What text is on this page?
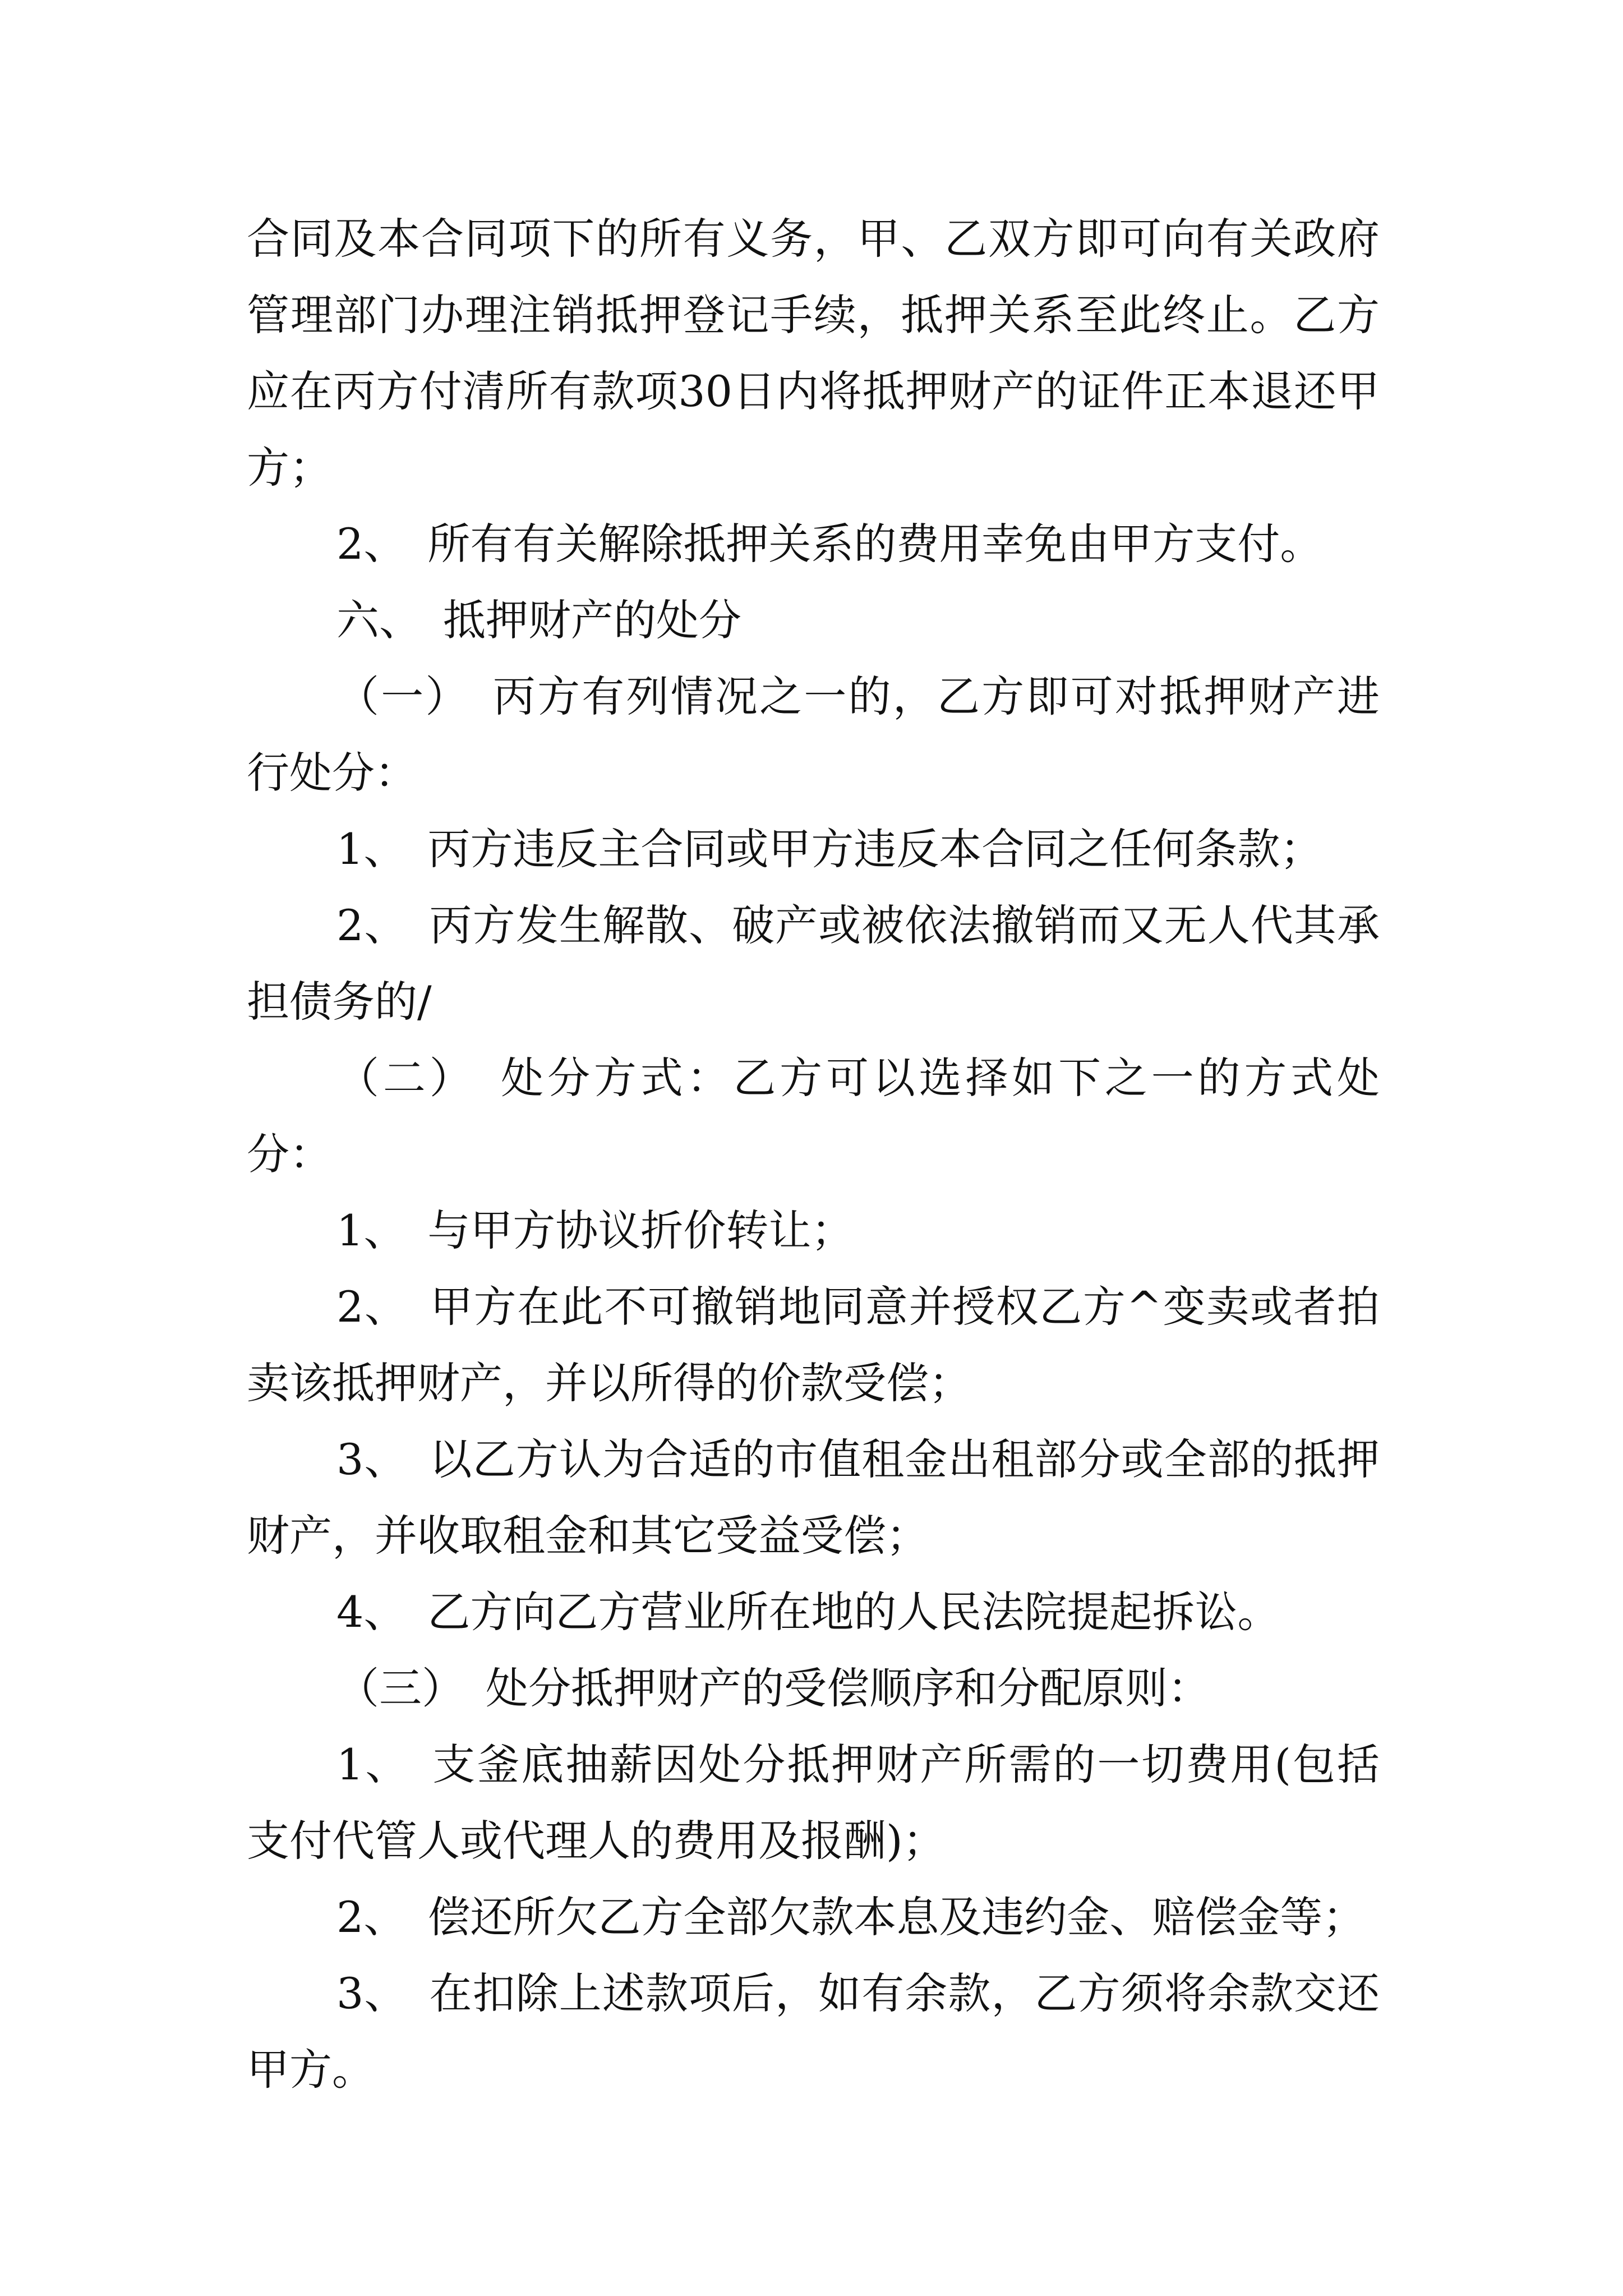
合同及本合同项下的所有义务，甲、乙双方即可向有关政府管理部门办理注销抵押登记手续，抵押关系至此终止。乙方应在丙方付清所有款项30日内将抵押财产的证件正本退还甲方；

2、　所有有关解除抵押关系的费用幸免由甲方支付。

六、　抵押财产的处分

（一）　丙方有列情况之一的，乙方即可对抵押财产进行处分：

1、　丙方违反主合同或甲方违反本合同之任何条款；

2、　丙方发生解散、破产或被依法撤销而又无人代其承担债务的/

（二）　处分方式：乙方可以选择如下之一的方式处分：

1、　与甲方协议折价转让；

2、　甲方在此不可撤销地同意并授权乙方^变卖或者拍卖该抵押财产，并以所得的价款受偿；

3、　以乙方认为合适的市值租金出租部分或全部的抵押财产，并收取租金和其它受益受偿；

4、　乙方向乙方营业所在地的人民法院提起拆讼。

（三）　处分抵押财产的受偿顺序和分配原则：

1、　支釜底抽薪因处分抵押财产所需的一切费用(包括支付代管人或代理人的费用及报酬)；

2、　偿还所欠乙方全部欠款本息及违约金、赔偿金等；

3、　在扣除上述款项后，如有余款，乙方须将余款交还甲方。
